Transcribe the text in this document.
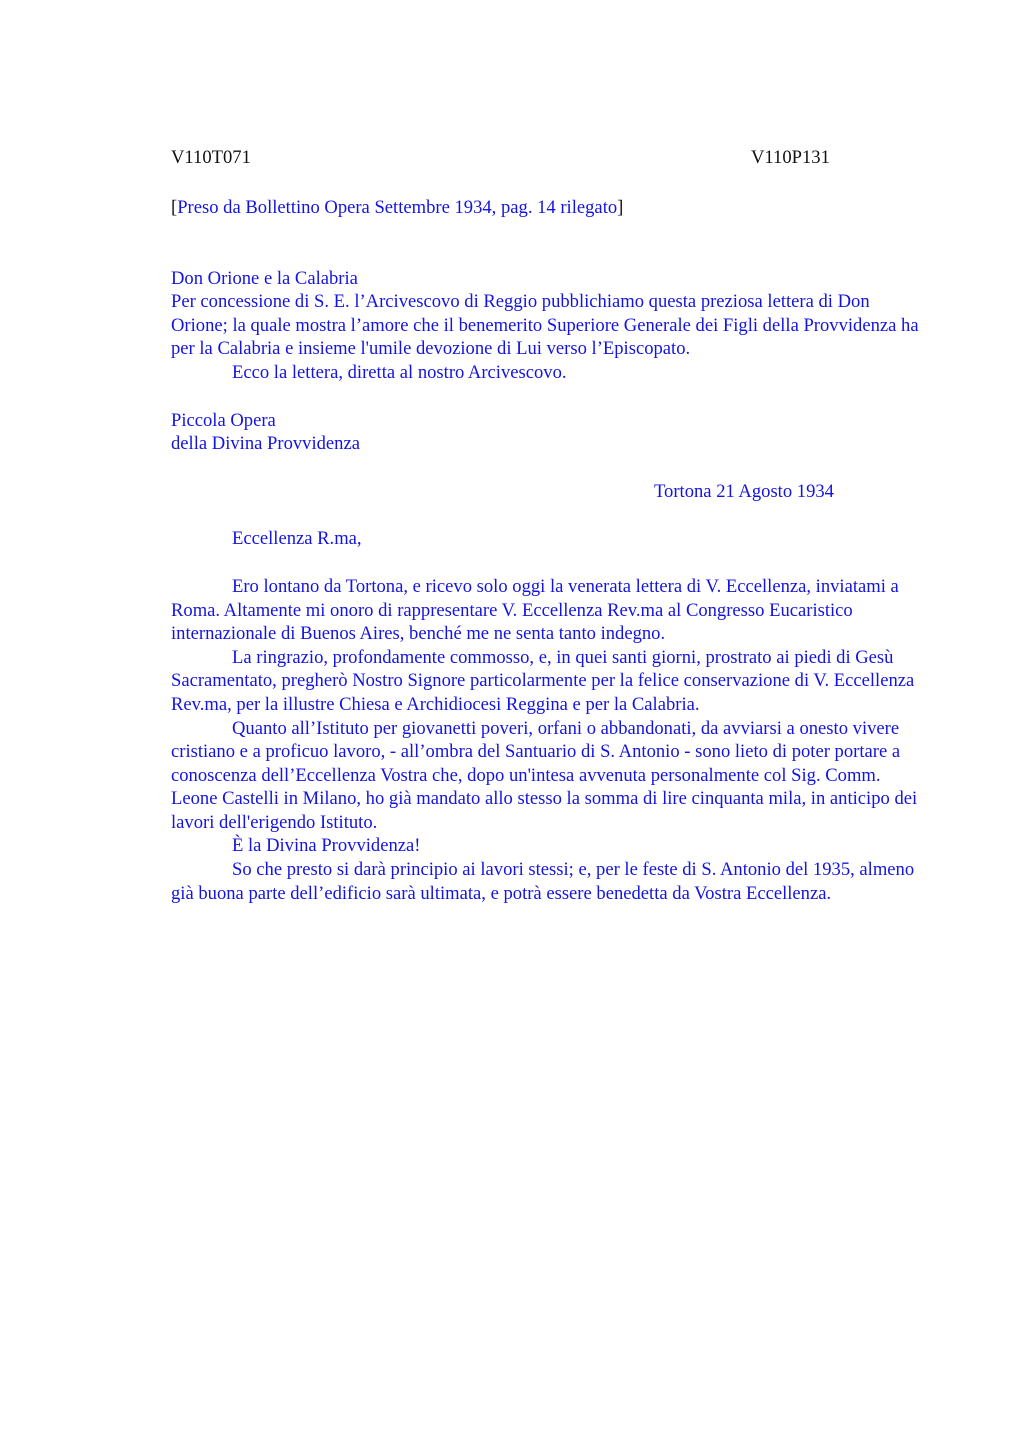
V110T071	V110P131

[Preso da Bollettino Opera Settembre 1934, pag. 14 rilegato]

Don Orione e la Calabria

Per concessione di S. E. l’Arcivescovo di Reggio pubblichiamo questa preziosa lettera di Don Orione; la quale mostra l’amore che il benemerito Superiore Generale dei Figli della Provvidenza ha per la Calabria e insieme l'umile devozione di Lui verso l’Episcopato.

Ecco la lettera, diretta al nostro Arcivescovo.

Piccola Opera

della Divina Provvidenza

Tortona 21 Agosto 1934

Eccellenza R.ma,

Ero lontano da Tortona, e ricevo solo oggi la venerata lettera di V. Eccellenza, inviatami a Roma. Altamente mi onoro di rappresentare V. Eccellenza Rev.ma al Congresso Eucaristico internazionale di Buenos Aires, benché me ne senta tanto indegno.

La ringrazio, profondamente commosso, e, in quei santi giorni, prostrato ai piedi di Gesù Sacramentato, pregherò Nostro Signore particolarmente per la felice conservazione di V. Eccellenza Rev.ma, per la illustre Chiesa e Archidiocesi Reggina e per la Calabria.

Quanto all’Istituto per giovanetti poveri, orfani o abbandonati, da avviarsi a onesto vivere cristiano e a proficuo lavoro, - all’ombra del Santuario di S. Antonio - sono lieto di poter portare a conoscenza dell’Eccellenza Vostra che, dopo un'intesa avvenuta personalmente col Sig. Comm. Leone Castelli in Milano, ho già mandato allo stesso la somma di lire cinquanta mila, in anticipo dei lavori dell'erigendo Istituto.

È la Divina Provvidenza!

So che presto si darà principio ai lavori stessi; e, per le feste di S. Antonio del 1935, almeno già buona parte dell’edificio sarà ultimata, e potrà essere benedetta da Vostra Eccellenza.
